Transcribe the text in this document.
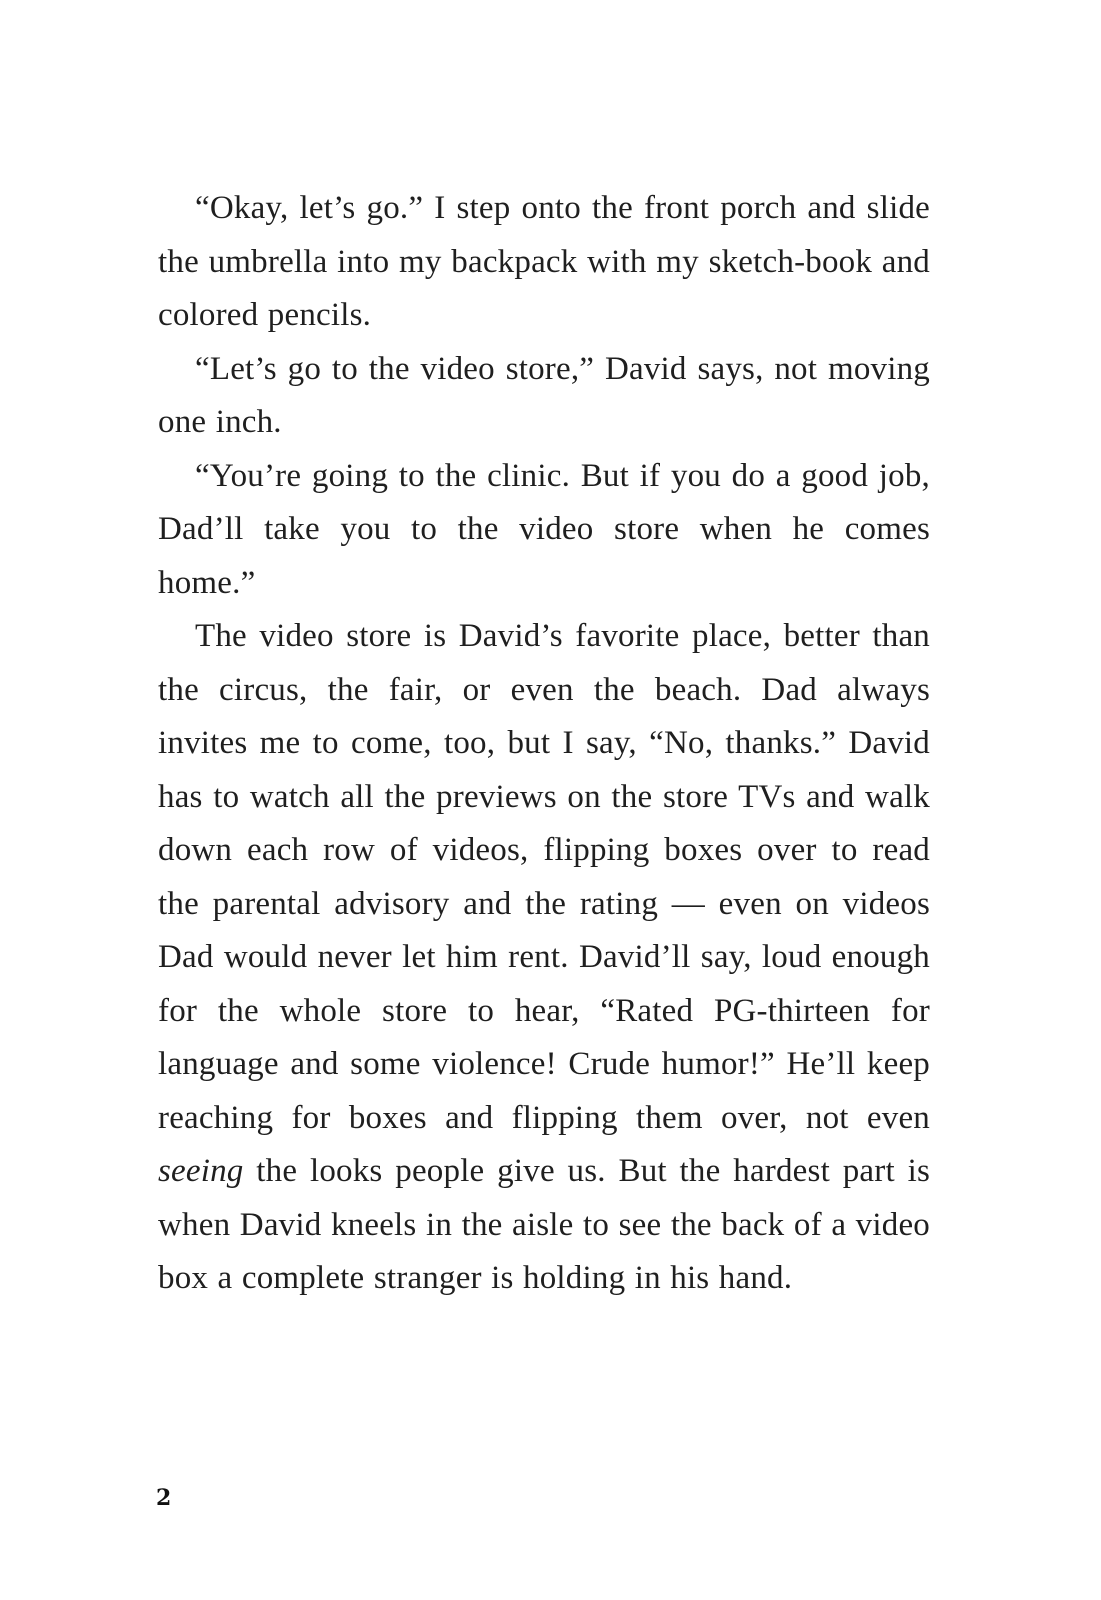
“Okay, let’s go.” I step onto the front porch and slide the umbrella into my backpack with my sketch-book and colored pencils.

“Let’s go to the video store,” David says, not moving one inch.

“You’re going to the clinic. But if you do a good job, Dad’ll take you to the video store when he comes home.”

The video store is David’s favorite place, better than the circus, the fair, or even the beach. Dad always invites me to come, too, but I say, “No, thanks.” David has to watch all the previews on the store TVs and walk down each row of videos, flipping boxes over to read the parental advisory and the rating — even on videos Dad would never let him rent. David’ll say, loud enough for the whole store to hear, “Rated PG-thirteen for language and some violence! Crude humor!” He’ll keep reaching for boxes and flipping them over, not even seeing the looks people give us. But the hardest part is when David kneels in the aisle to see the back of a video box a complete stranger is holding in his hand.

2
